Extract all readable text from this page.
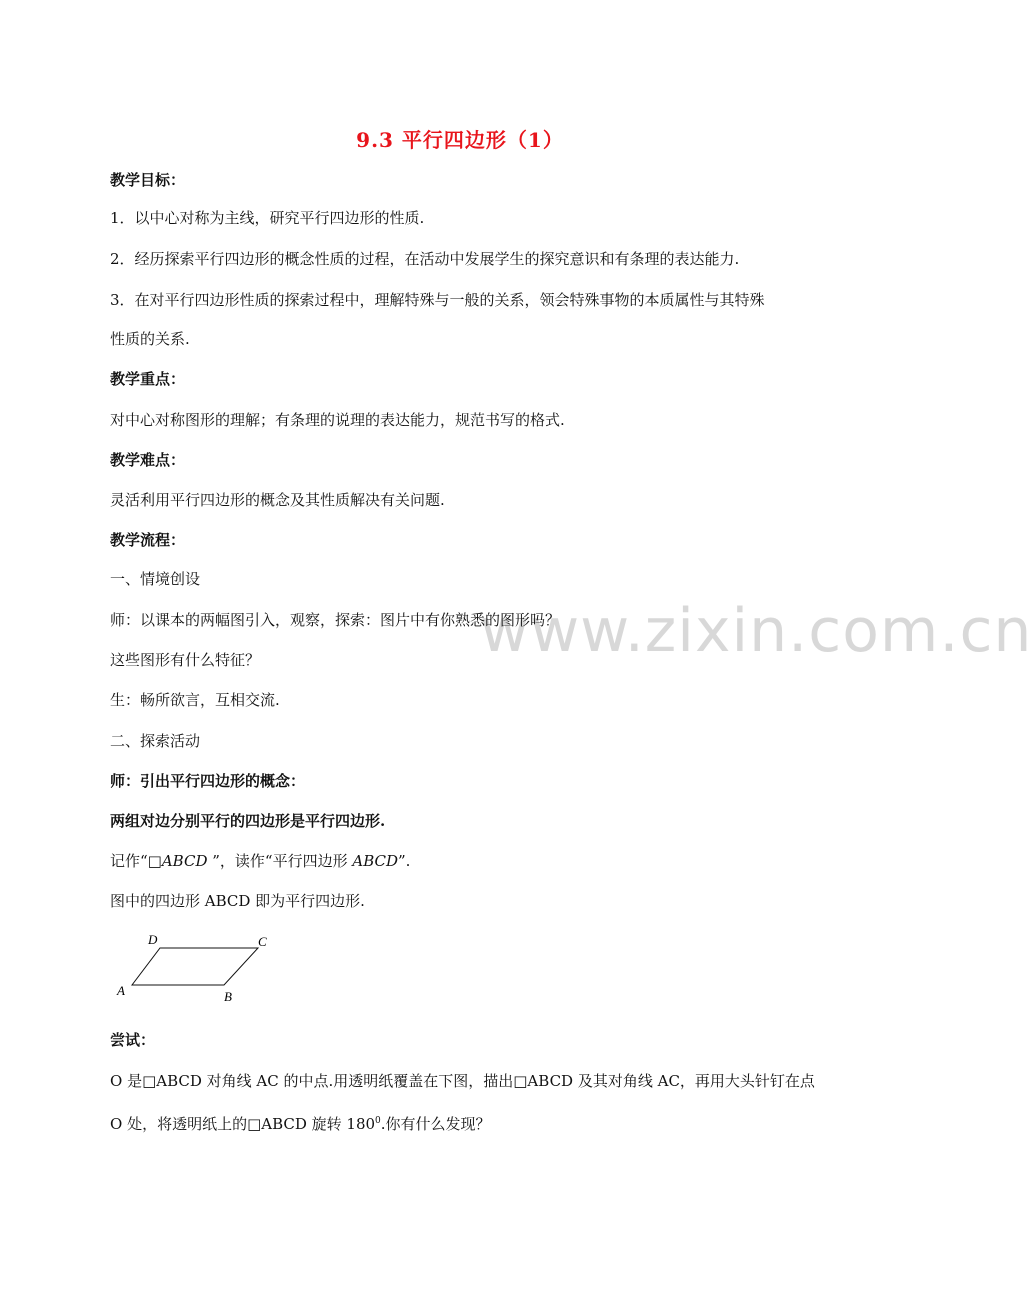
www.zixin.com.cn
9.3 平行四边形（1）
教学目标：
1．以中心对称为主线，研究平行四边形的性质.
2．经历探索平行四边形的概念性质的过程，在活动中发展学生的探究意识和有条理的表达能力.
3．在对平行四边形性质的探索过程中，理解特殊与一般的关系，领会特殊事物的本质属性与其特殊
性质的关系.
教学重点：
对中心对称图形的理解；有条理的说理的表达能力，规范书写的格式.
教学难点：
灵活利用平行四边形的概念及其性质解决有关问题.
教学流程：
一、情境创设
师：以课本的两幅图引入，观察，探索：图片中有你熟悉的图形吗？
这些图形有什么特征？
生：畅所欲言，互相交流.
二、探索活动
师：引出平行四边形的概念：
两组对边分别平行的四边形是平行四边形.
记作“□ABCD ”，读作“平行四边形 ABCD”.
图中的四边形 ABCD 即为平行四边形.
A	B
C
D
尝试：
O 是□ABCD 对角线 AC 的中点.用透明纸覆盖在下图，描出□ABCD 及其对角线 AC，再用大头针钉在点
O 处，将透明纸上的□ABCD 旋转 $180^0$.你有什么发现？
